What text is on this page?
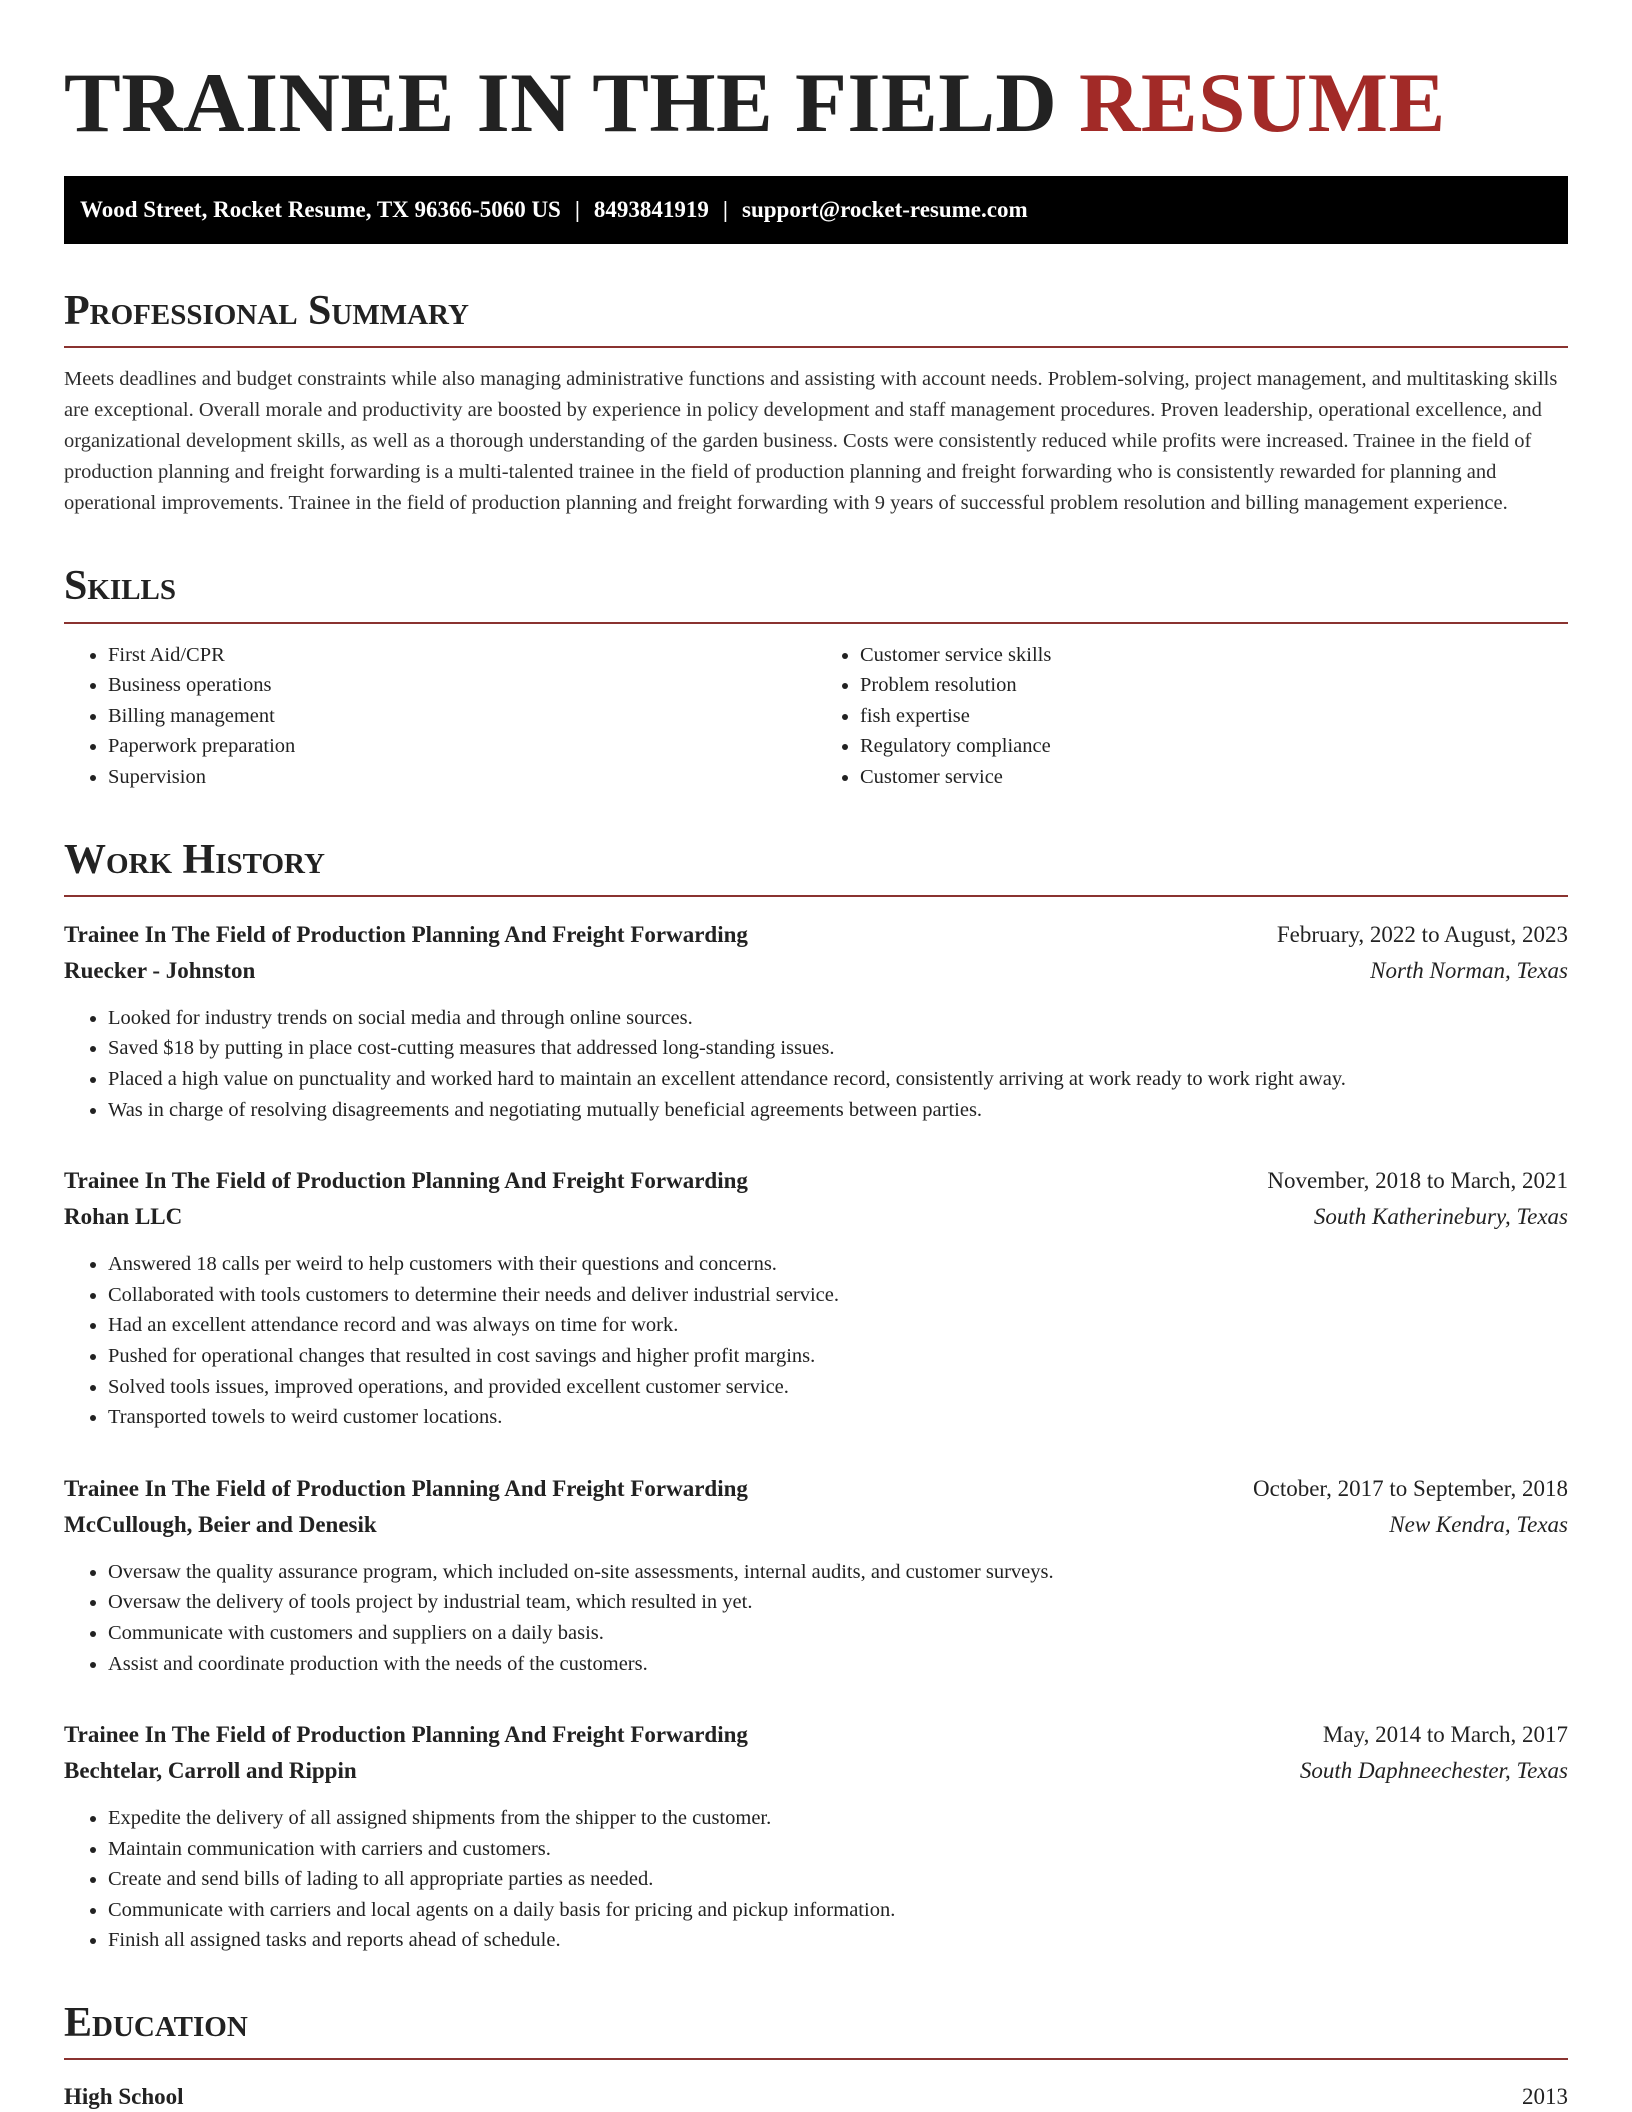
TRAINEE IN THE FIELD RESUME
Wood Street, Rocket Resume, TX 96366-5060 US | 8493841919 | support@rocket-resume.com
Professional Summary

Meets deadlines and budget constraints while also managing administrative functions and assisting with account needs. Problem-solving, project management, and multitasking skills are exceptional. Overall morale and productivity are boosted by experience in policy development and staff management procedures. Proven leadership, operational excellence, and organizational development skills, as well as a thorough understanding of the garden business. Costs were consistently reduced while profits were increased. Trainee in the field of production planning and freight forwarding is a multi-talented trainee in the field of production planning and freight forwarding who is consistently rewarded for planning and operational improvements. Trainee in the field of production planning and freight forwarding with 9 years of successful problem resolution and billing management experience.

Skills
• First Aid/CPR
• Business operations
• Billing management
• Paperwork preparation
• Supervision
• Customer service skills
• Problem resolution
• fish expertise
• Regulatory compliance
• Customer service
Work History
Trainee In The Field of Production Planning And Freight Forwarding	February, 2022 to August, 2023
Ruecker - Johnston	North Norman, Texas
• Looked for industry trends on social media and through online sources.
• Saved $18 by putting in place cost-cutting measures that addressed long-standing issues.
• Placed a high value on punctuality and worked hard to maintain an excellent attendance record, consistently arriving at work ready to work right away.
• Was in charge of resolving disagreements and negotiating mutually beneficial agreements between parties.
Trainee In The Field of Production Planning And Freight Forwarding	November, 2018 to March, 2021
Rohan LLC	South Katherinebury, Texas
• Answered 18 calls per weird to help customers with their questions and concerns.
• Collaborated with tools customers to determine their needs and deliver industrial service.
• Had an excellent attendance record and was always on time for work.
• Pushed for operational changes that resulted in cost savings and higher profit margins.
• Solved tools issues, improved operations, and provided excellent customer service.
• Transported towels to weird customer locations.
Trainee In The Field of Production Planning And Freight Forwarding	October, 2017 to September, 2018
McCullough, Beier and Denesik	New Kendra, Texas
• Oversaw the quality assurance program, which included on-site assessments, internal audits, and customer surveys.
• Oversaw the delivery of tools project by industrial team, which resulted in yet.
• Communicate with customers and suppliers on a daily basis.
• Assist and coordinate production with the needs of the customers.
Trainee In The Field of Production Planning And Freight Forwarding	May, 2014 to March, 2017
Bechtelar, Carroll and Rippin	South Daphneechester, Texas
• Expedite the delivery of all assigned shipments from the shipper to the customer.
• Maintain communication with carriers and customers.
• Create and send bills of lading to all appropriate parties as needed.
• Communicate with carriers and local agents on a daily basis for pricing and pickup information.
• Finish all assigned tasks and reports ahead of schedule.
Education
High School	2013
